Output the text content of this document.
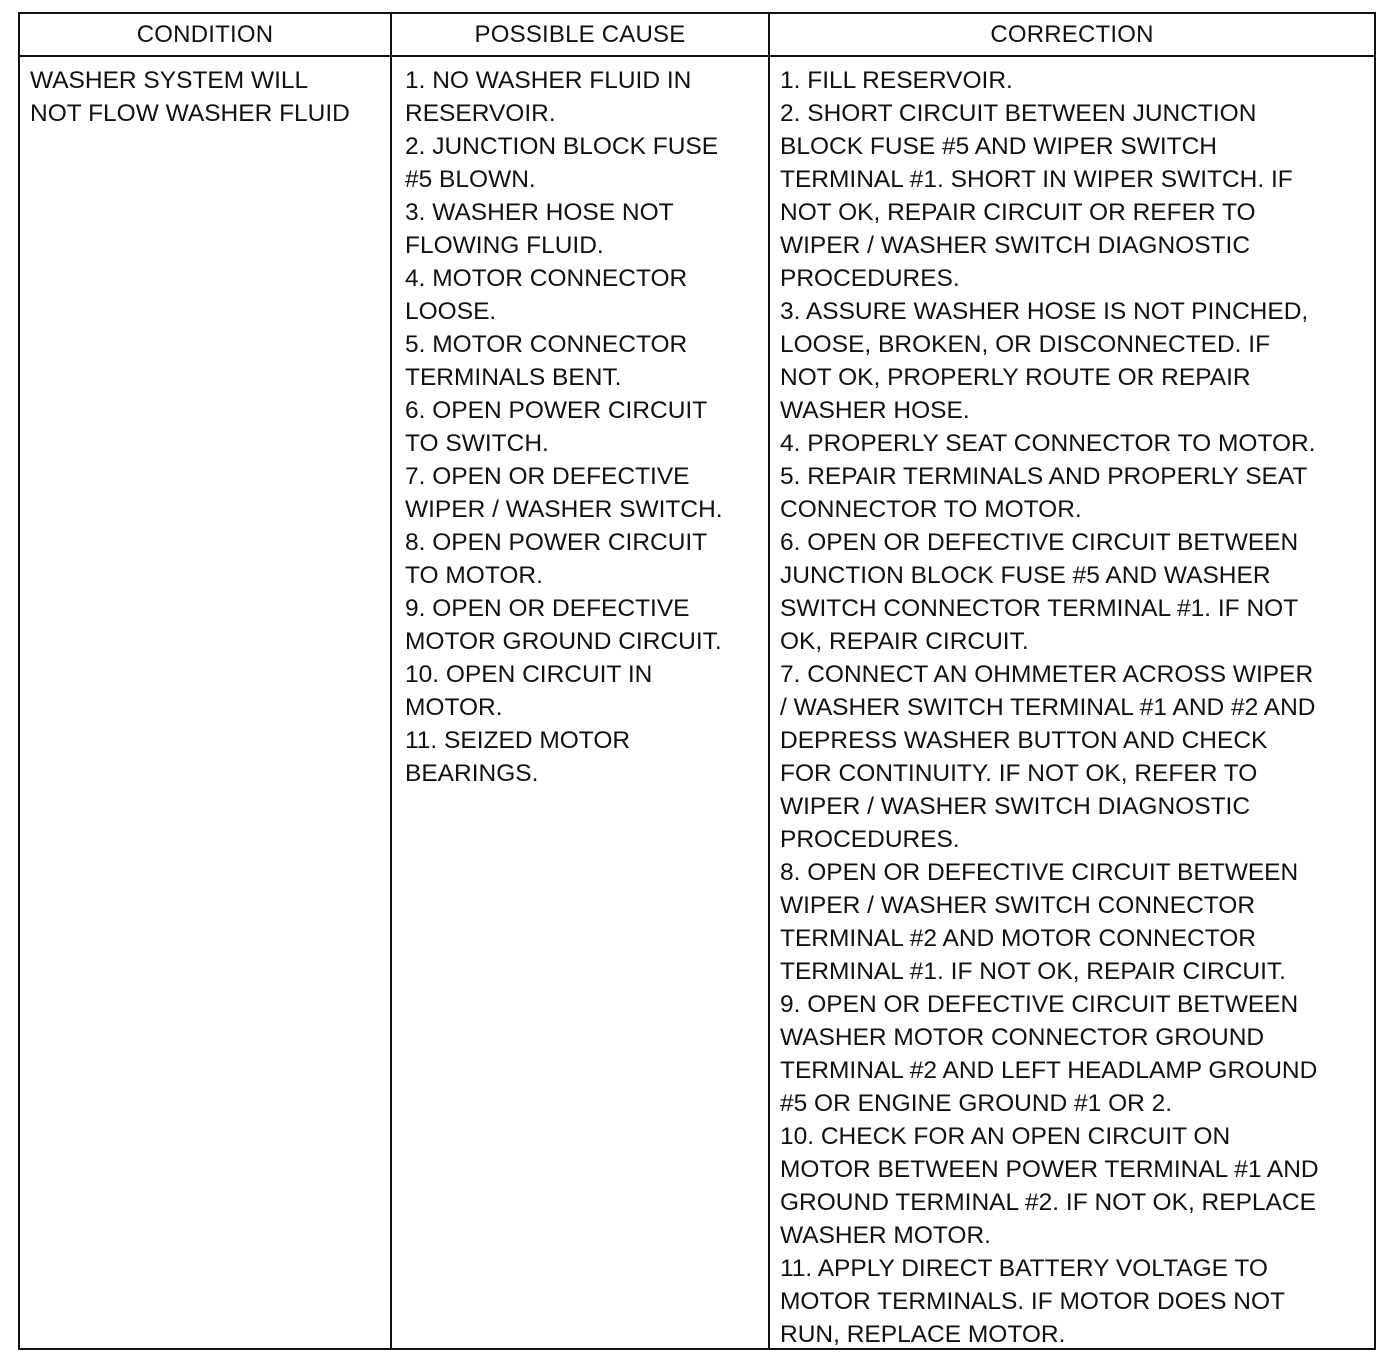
CONDITION	POSSIBLE CAUSE	CORRECTION
WASHER SYSTEM WILL
NOT FLOW WASHER FLUID
1. NO WASHER FLUID IN
RESERVOIR.
2. JUNCTION BLOCK FUSE
#5 BLOWN.
3. WASHER HOSE NOT
FLOWING FLUID.
4. MOTOR CONNECTOR
LOOSE.
5. MOTOR CONNECTOR
TERMINALS BENT.
6. OPEN POWER CIRCUIT
TO SWITCH.
7. OPEN OR DEFECTIVE
WIPER / WASHER SWITCH.
8. OPEN POWER CIRCUIT
TO MOTOR.
9. OPEN OR DEFECTIVE
MOTOR GROUND CIRCUIT.
10. OPEN CIRCUIT IN
MOTOR.
11. SEIZED MOTOR
BEARINGS.
1. FILL RESERVOIR.
2. SHORT CIRCUIT BETWEEN JUNCTION
BLOCK FUSE #5 AND WIPER SWITCH
TERMINAL #1. SHORT IN WIPER SWITCH. IF
NOT OK, REPAIR CIRCUIT OR REFER TO
WIPER / WASHER SWITCH DIAGNOSTIC
PROCEDURES.
3. ASSURE WASHER HOSE IS NOT PINCHED,
LOOSE, BROKEN, OR DISCONNECTED. IF
NOT OK, PROPERLY ROUTE OR REPAIR
WASHER HOSE.
4. PROPERLY SEAT CONNECTOR TO MOTOR.
5. REPAIR TERMINALS AND PROPERLY SEAT
CONNECTOR TO MOTOR.
6. OPEN OR DEFECTIVE CIRCUIT BETWEEN
JUNCTION BLOCK FUSE #5 AND WASHER
SWITCH CONNECTOR TERMINAL #1. IF NOT
OK, REPAIR CIRCUIT.
7. CONNECT AN OHMMETER ACROSS WIPER
/ WASHER SWITCH TERMINAL #1 AND #2 AND
DEPRESS WASHER BUTTON AND CHECK
FOR CONTINUITY. IF NOT OK, REFER TO
WIPER / WASHER SWITCH DIAGNOSTIC
PROCEDURES.
8. OPEN OR DEFECTIVE CIRCUIT BETWEEN
WIPER / WASHER SWITCH CONNECTOR
TERMINAL #2 AND MOTOR CONNECTOR
TERMINAL #1. IF NOT OK, REPAIR CIRCUIT.
9. OPEN OR DEFECTIVE CIRCUIT BETWEEN
WASHER MOTOR CONNECTOR GROUND
TERMINAL #2 AND LEFT HEADLAMP GROUND
#5 OR ENGINE GROUND #1 OR 2.
10. CHECK FOR AN OPEN CIRCUIT ON
MOTOR BETWEEN POWER TERMINAL #1 AND
GROUND TERMINAL #2. IF NOT OK, REPLACE
WASHER MOTOR.
11. APPLY DIRECT BATTERY VOLTAGE TO
MOTOR TERMINALS. IF MOTOR DOES NOT
RUN, REPLACE MOTOR.
